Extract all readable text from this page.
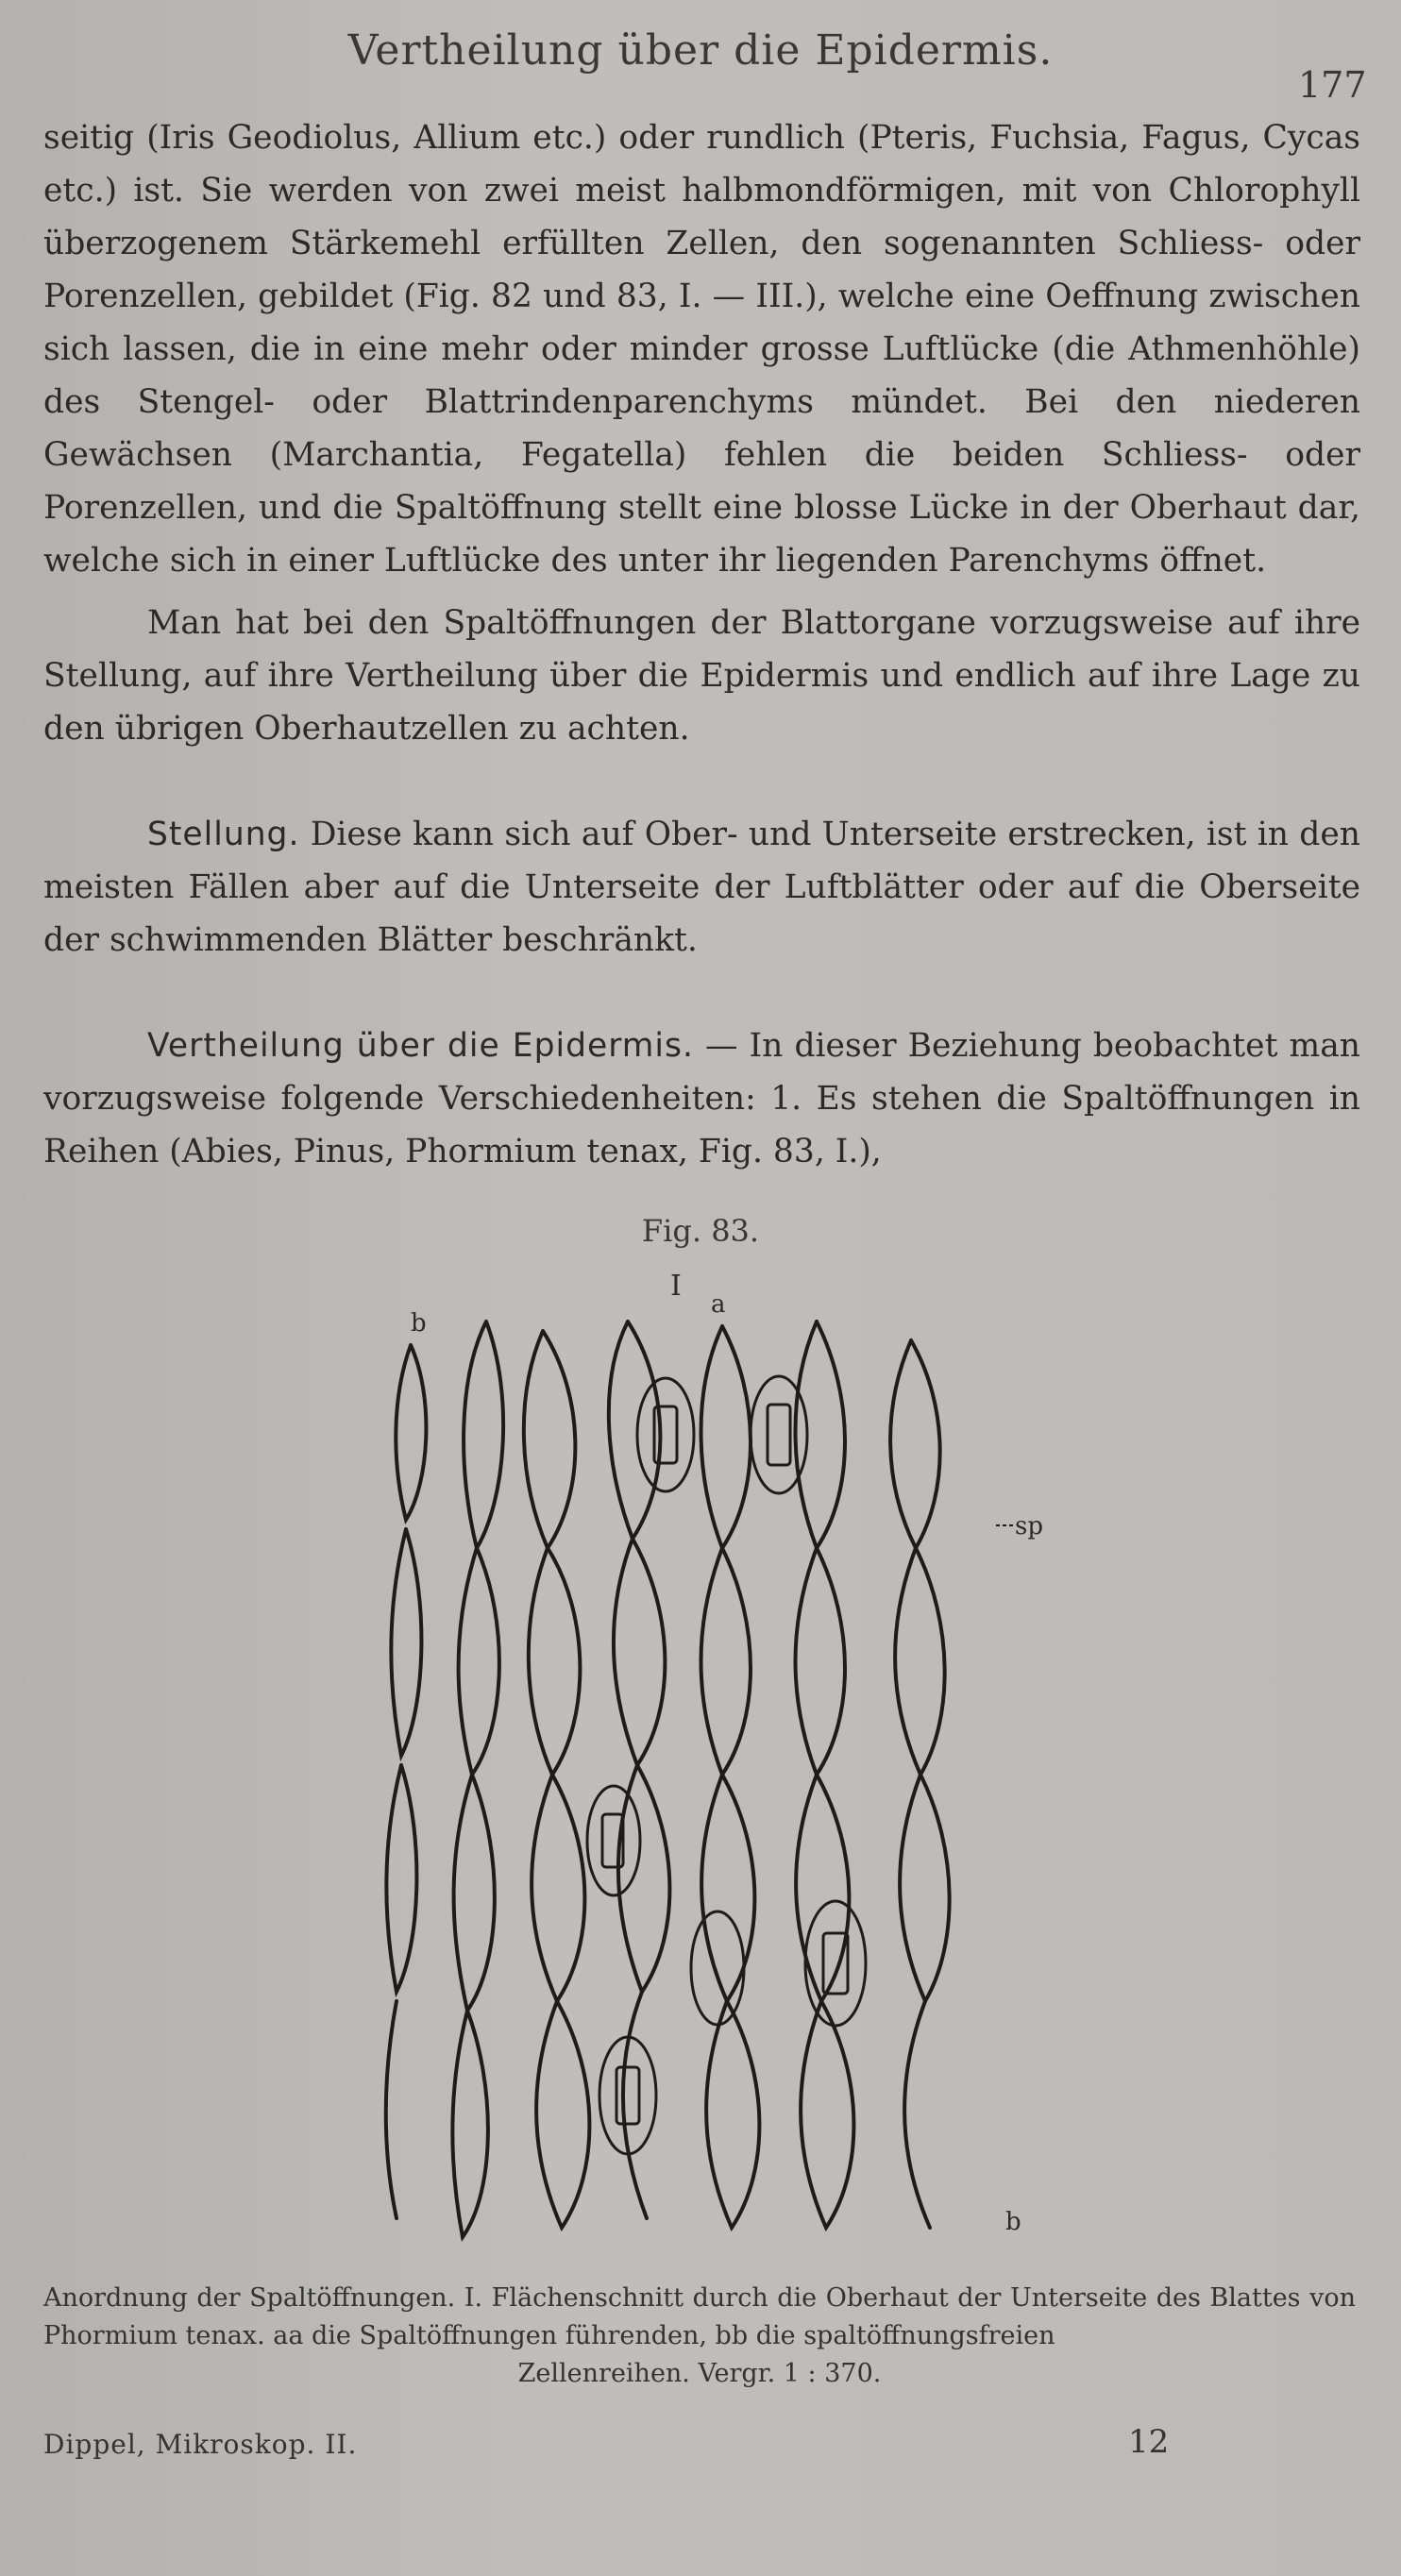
Vertheilung über die Epidermis.
177

seitig (Iris Geodiolus, Allium etc.) oder rundlich (Pteris, Fuchsia, Fagus, Cycas etc.) ist. Sie werden von zwei meist halbmondförmigen, mit von Chlorophyll überzogenem Stärkemehl erfüllten Zellen, den sogenannten Schliess- oder Porenzellen, gebildet (Fig. 82 und 83, I. — III.), welche eine Oeffnung zwischen sich lassen, die in eine mehr oder minder grosse Luftlücke (die Athmenhöhle) des Stengel- oder Blattrindenparenchyms mündet. Bei den niederen Gewächsen (Marchantia, Fegatella) fehlen die beiden Schliess- oder Porenzellen, und die Spaltöffnung stellt eine blosse Lücke in der Oberhaut dar, welche sich in einer Luftlücke des unter ihr liegenden Parenchyms öffnet.

Man hat bei den Spaltöffnungen der Blattorgane vorzugsweise auf ihre Stellung, auf ihre Vertheilung über die Epidermis und endlich auf ihre Lage zu den übrigen Oberhautzellen zu achten.

Stellung. Diese kann sich auf Ober- und Unterseite erstrecken, ist in den meisten Fällen aber auf die Unterseite der Luftblätter oder auf die Oberseite der schwimmenden Blätter beschränkt.

Vertheilung über die Epidermis. — In dieser Beziehung beobachtet man vorzugsweise folgende Verschiedenheiten: 1. Es stehen die Spaltöffnungen in Reihen (Abies, Pinus, Phormium tenax, Fig. 83, I.),

Fig. 83.
b
a
sp
b
I
Anordnung der Spaltöffnungen. I. Flächenschnitt durch die Oberhaut der Unterseite des Blattes von Phormium tenax. aa die Spaltöffnungen führenden, bb die spaltöffnungsfreien
Zellenreihen. Vergr. 1 : 370.
Dippel, Mikroskop. II.	12
